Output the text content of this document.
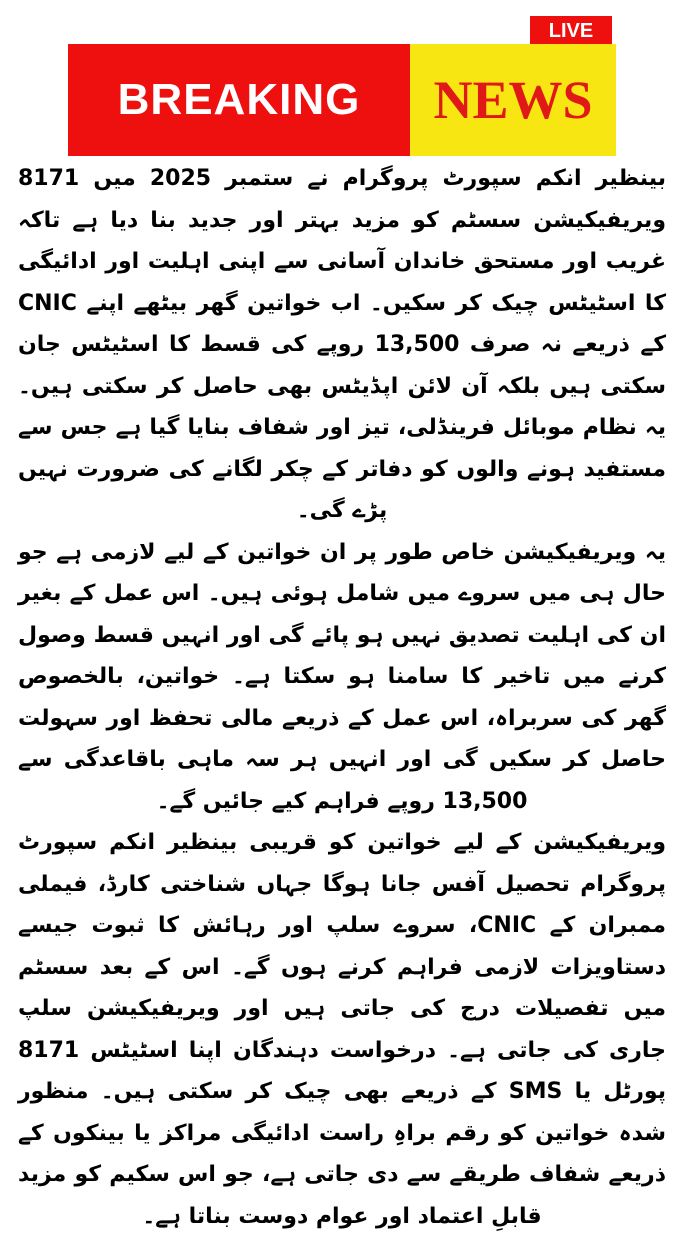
LIVE
BREAKING NEWS

بینظیر انکم سپورٹ پروگرام نے ستمبر 2025 میں 8171 ویریفیکیشن سسٹم کو مزید بہتر اور جدید بنا دیا ہے تاکہ غریب اور مستحق خاندان آسانی سے اپنی اہلیت اور ادائیگی کا اسٹیٹس چیک کر سکیں۔ اب خواتین گھر بیٹھے اپنے CNIC کے ذریعے نہ صرف 13,500 روپے کی قسط کا اسٹیٹس جان سکتی ہیں بلکہ آن لائن اپڈیٹس بھی حاصل کر سکتی ہیں۔ یہ نظام موبائل فرینڈلی، تیز اور شفاف بنایا گیا ہے جس سے مستفید ہونے والوں کو دفاتر کے چکر لگانے کی ضرورت نہیں پڑے گی۔

یہ ویریفیکیشن خاص طور پر ان خواتین کے لیے لازمی ہے جو حال ہی میں سروے میں شامل ہوئی ہیں۔ اس عمل کے بغیر ان کی اہلیت تصدیق نہیں ہو پائے گی اور انہیں قسط وصول کرنے میں تاخیر کا سامنا ہو سکتا ہے۔ خواتین، بالخصوص گھر کی سربراہ، اس عمل کے ذریعے مالی تحفظ اور سہولت حاصل کر سکیں گی اور انہیں ہر سہ ماہی باقاعدگی سے 13,500 روپے فراہم کیے جائیں گے۔

ویریفیکیشن کے لیے خواتین کو قریبی بینظیر انکم سپورٹ پروگرام تحصیل آفس جانا ہوگا جہاں شناختی کارڈ، فیملی ممبران کے CNIC، سروے سلپ اور رہائش کا ثبوت جیسے دستاویزات لازمی فراہم کرنے ہوں گے۔ اس کے بعد سسٹم میں تفصیلات درج کی جاتی ہیں اور ویریفیکیشن سلپ جاری کی جاتی ہے۔ درخواست دہندگان اپنا اسٹیٹس 8171 پورٹل یا SMS کے ذریعے بھی چیک کر سکتی ہیں۔ منظور شدہ خواتین کو رقم براہِ راست ادائیگی مراکز یا بینکوں کے ذریعے شفاف طریقے سے دی جاتی ہے، جو اس سکیم کو مزید قابلِ اعتماد اور عوام دوست بناتا ہے۔
